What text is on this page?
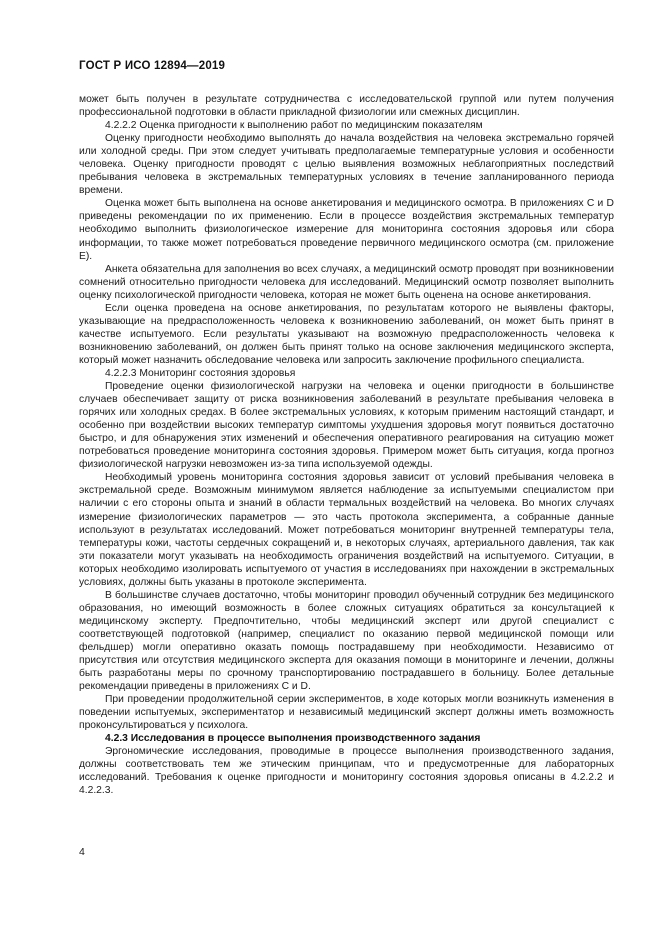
ГОСТ Р ИСО 12894—2019

может быть получен в результате сотрудничества с исследовательской группой или путем получения профессиональной подготовки в области прикладной физиологии или смежных дисциплин.

4.2.2.2 Оценка пригодности к выполнению работ по медицинским показателям

Оценку пригодности необходимо выполнять до начала воздействия на человека экстремально горячей или холодной среды. При этом следует учитывать предполагаемые температурные условия и особенности человека. Оценку пригодности проводят с целью выявления возможных неблагоприятных последствий пребывания человека в экстремальных температурных условиях в течение запланированного периода времени.

Оценка может быть выполнена на основе анкетирования и медицинского осмотра. В приложениях С и D приведены рекомендации по их применению. Если в процессе воздействия экстремальных температур необходимо выполнить физиологическое измерение для мониторинга состояния здоровья или сбора информации, то также может потребоваться проведение первичного медицинского осмотра (см. приложение Е).

Анкета обязательна для заполнения во всех случаях, а медицинский осмотр проводят при возникновении сомнений относительно пригодности человека для исследований. Медицинский осмотр позволяет выполнить оценку психологической пригодности человека, которая не может быть оценена на основе анкетирования.

Если оценка проведена на основе анкетирования, по результатам которого не выявлены факторы, указывающие на предрасположенность человека к возникновению заболеваний, он может быть принят в качестве испытуемого. Если результаты указывают на возможную предрасположенность человека к возникновению заболеваний, он должен быть принят только на основе заключения медицинского эксперта, который может назначить обследование человека или запросить заключение профильного специалиста.

4.2.2.3 Мониторинг состояния здоровья

Проведение оценки физиологической нагрузки на человека и оценки пригодности в большинстве случаев обеспечивает защиту от риска возникновения заболеваний в результате пребывания человека в горячих или холодных средах. В более экстремальных условиях, к которым применим настоящий стандарт, и особенно при воздействии высоких температур симптомы ухудшения здоровья могут появиться достаточно быстро, и для обнаружения этих изменений и обеспечения оперативного реагирования на ситуацию может потребоваться проведение мониторинга состояния здоровья. Примером может быть ситуация, когда прогноз физиологической нагрузки невозможен из-за типа используемой одежды.

Необходимый уровень мониторинга состояния здоровья зависит от условий пребывания человека в экстремальной среде. Возможным минимумом является наблюдение за испытуемыми специалистом при наличии с его стороны опыта и знаний в области термальных воздействий на человека. Во многих случаях измерение физиологических параметров — это часть протокола эксперимента, а собранные данные используют в результатах исследований. Может потребоваться мониторинг внутренней температуры тела, температуры кожи, частоты сердечных сокращений и, в некоторых случаях, артериального давления, так как эти показатели могут указывать на необходимость ограничения воздействий на испытуемого. Ситуации, в которых необходимо изолировать испытуемого от участия в исследованиях при нахождении в экстремальных условиях, должны быть указаны в протоколе эксперимента.

В большинстве случаев достаточно, чтобы мониторинг проводил обученный сотрудник без медицинского образования, но имеющий возможность в более сложных ситуациях обратиться за консультацией к медицинскому эксперту. Предпочтительно, чтобы медицинский эксперт или другой специалист с соответствующей подготовкой (например, специалист по оказанию первой медицинской помощи или фельдшер) могли оперативно оказать помощь пострадавшему при необходимости. Независимо от присутствия или отсутствия медицинского эксперта для оказания помощи в мониторинге и лечении, должны быть разработаны меры по срочному транспортированию пострадавшего в больницу. Более детальные рекомендации приведены в приложениях С и D.

При проведении продолжительной серии экспериментов, в ходе которых могли возникнуть изменения в поведении испытуемых, экспериментатор и независимый медицинский эксперт должны иметь возможность проконсультироваться у психолога.

4.2.3 Исследования в процессе выполнения производственного задания

Эргономические исследования, проводимые в процессе выполнения производственного задания, должны соответствовать тем же этическим принципам, что и предусмотренные для лабораторных исследований. Требования к оценке пригодности и мониторингу состояния здоровья описаны в 4.2.2.2 и 4.2.2.3.

4
